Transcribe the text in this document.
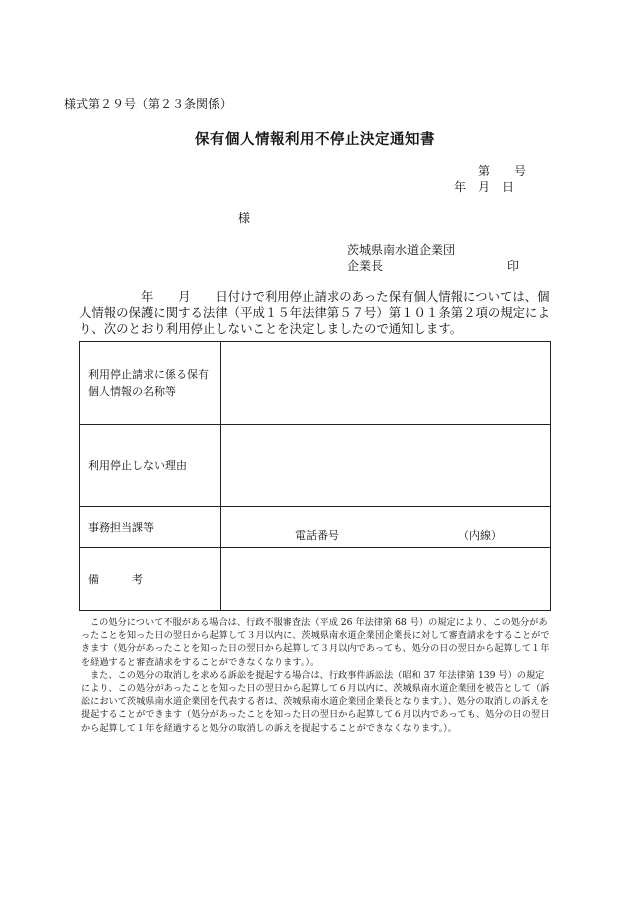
様式第２９号（第２３条関係）
保有個人情報利用不停止決定通知書
第　　号
年　月　日
様
茨城県南水道企業団
企業長	印
年　　月　　日付けで利用停止請求のあった保有個人情報については、個人情報の保護に関する法律（平成１５年法律第５７号）第１０１条第２項の規定により、次のとおり利用停止しないことを決定しましたので通知します。
利用停止請求に係る保有個人情報の名称等	
利用停止しない理由	
事務担当課等	電話番号 （内線）

備　　　考	

この処分について不服がある場合は、行政不服審査法（平成 26 年法律第 68 号）の規定により、この処分があったことを知った日の翌日から起算して３月以内に、茨城県南水道企業団企業長に対して審査請求をすることができます（処分があったことを知った日の翌日から起算して３月以内であっても、処分の日の翌日から起算して１年を経過すると審査請求をすることができなくなります。）。

また、この処分の取消しを求める訴訟を提起する場合は、行政事件訴訟法（昭和 37 年法律第 139 号）の規定により、この処分があったことを知った日の翌日から起算して６月以内に、茨城県南水道企業団を被告として（訴訟において茨城県南水道企業団を代表する者は、茨城県南水道企業団企業長となります。）、処分の取消しの訴えを提起することができます（処分があったことを知った日の翌日から起算して６月以内であっても、処分の日の翌日から起算して１年を経過すると処分の取消しの訴えを提起することができなくなります。）。
